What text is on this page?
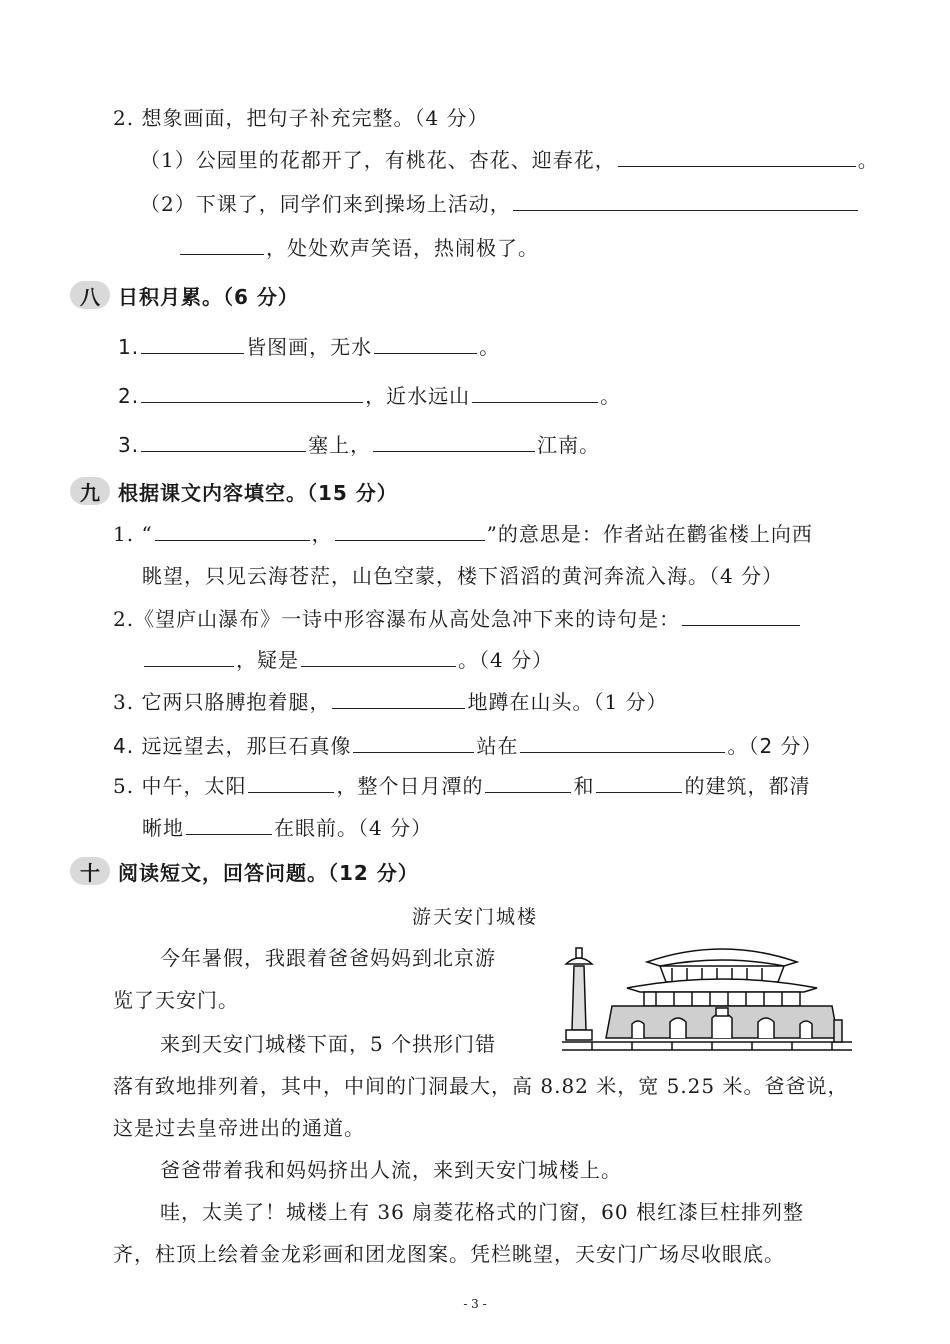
2. 想象画面，把句子补充完整。（4 分）
（1）公园里的花都开了，有桃花、杏花、迎春花，	。
（2）下课了，同学们来到操场上活动，
，处处欢声笑语，热闹极了。
八 日积月累。（6 分）
1.	皆图画，无水	。
2.	，近水远山	。
3.	塞上，	江南。
九 根据课文内容填空。（15 分）
1. “	，	”的意思是：作者站在鹳雀楼上向西
眺望，只见云海苍茫，山色空蒙，楼下滔滔的黄河奔流入海。（4 分）
2.《望庐山瀑布》一诗中形容瀑布从高处急冲下来的诗句是：
，疑是	。（4 分）
3. 它两只胳膊抱着腿，	地蹲在山头。（1 分）
4. 远远望去，那巨石真像	站在	。（2 分）
5. 中午，太阳	，整个日月潭的	和	的建筑，都清
晰地	在眼前。（4 分）
十 阅读短文，回答问题。（12 分）
游天安门城楼
今年暑假，我跟着爸爸妈妈到北京游
览了天安门。
来到天安门城楼下面，5 个拱形门错
落有致地排列着，其中，中间的门洞最大，高 8.82 米，宽 5.25 米。爸爸说，
这是过去皇帝进出的通道。
爸爸带着我和妈妈挤出人流，来到天安门城楼上。
哇，太美了！城楼上有 36 扇菱花格式的门窗，60 根红漆巨柱排列整
齐，柱顶上绘着金龙彩画和团龙图案。凭栏眺望，天安门广场尽收眼底。
- 3 -
